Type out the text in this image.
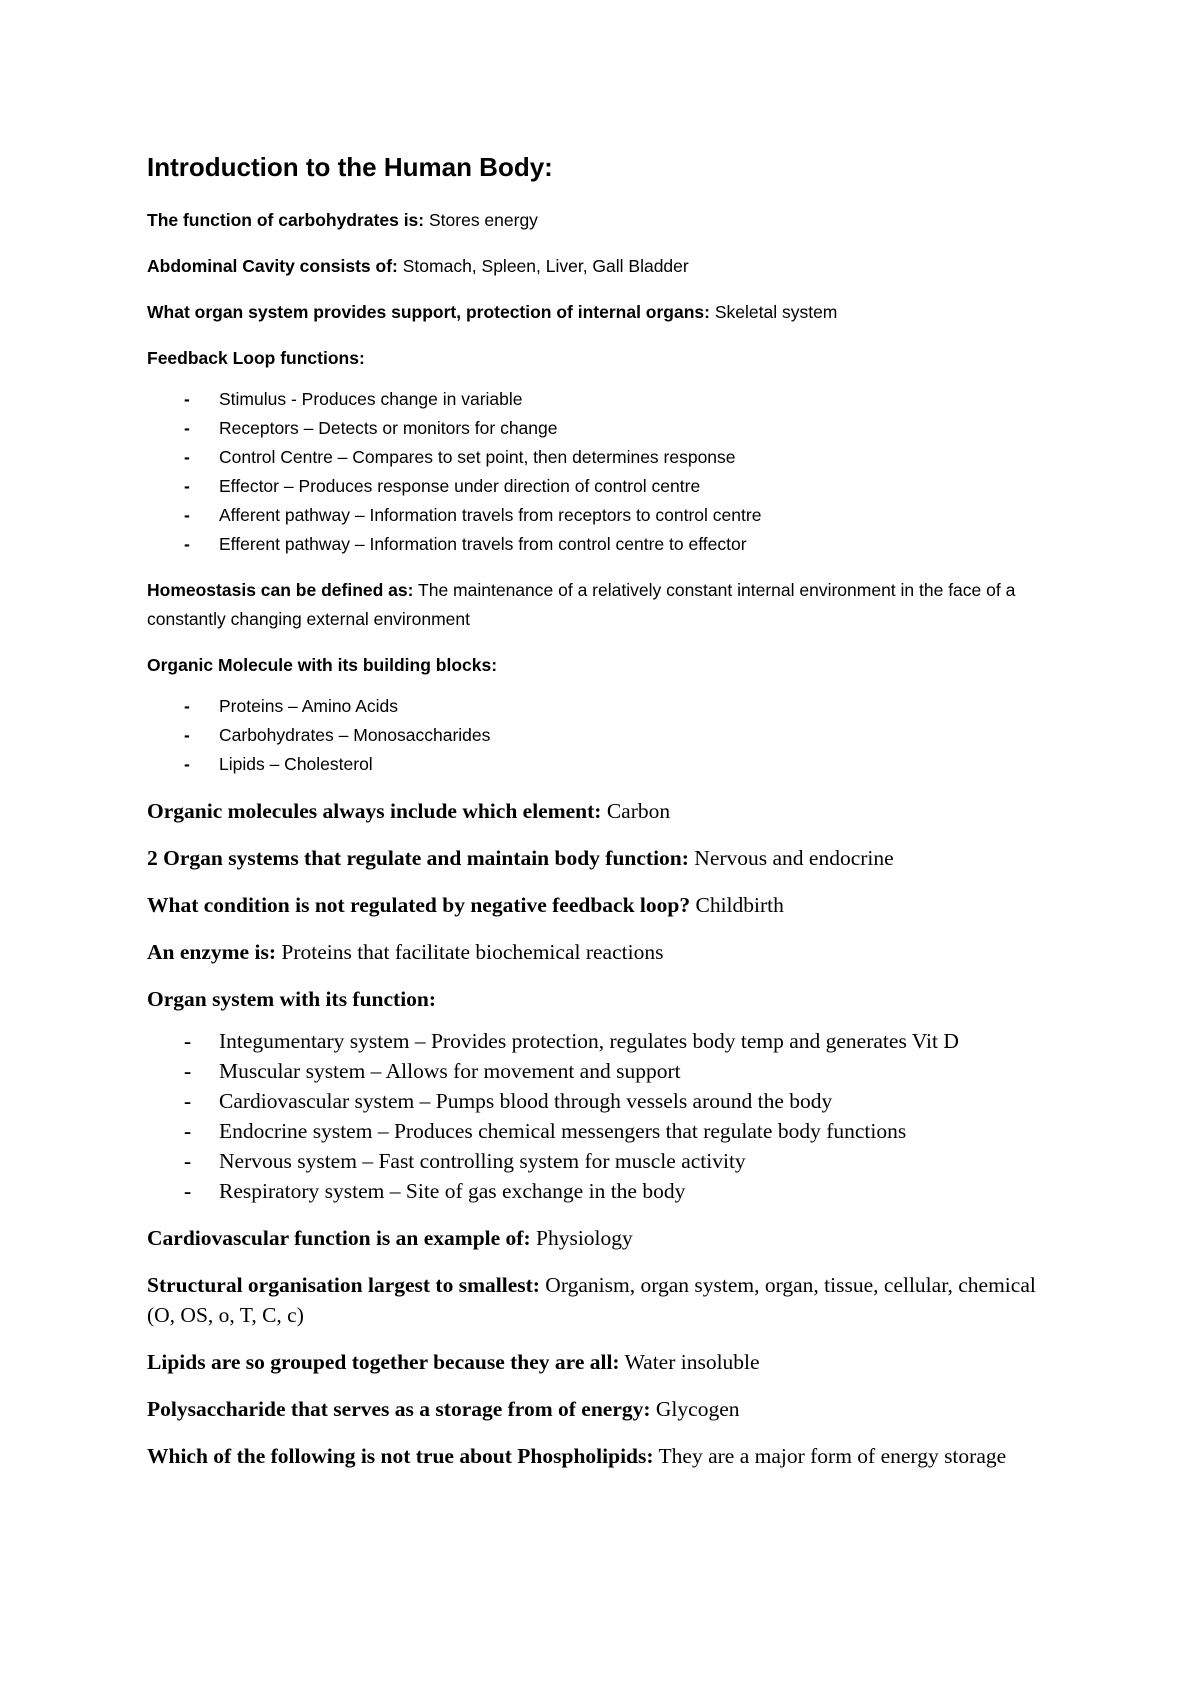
Introduction to the Human Body:

The function of carbohydrates is: Stores energy

Abdominal Cavity consists of: Stomach, Spleen, Liver, Gall Bladder

What organ system provides support, protection of internal organs: Skeletal system

Feedback Loop functions:

- Stimulus - Produces change in variable
- Receptors – Detects or monitors for change
- Control Centre – Compares to set point, then determines response
- Effector – Produces response under direction of control centre
- Afferent pathway – Information travels from receptors to control centre
- Efferent pathway – Information travels from control centre to effector

Homeostasis can be defined as: The maintenance of a relatively constant internal environment in the face of a constantly changing external environment

Organic Molecule with its building blocks:

- Proteins – Amino Acids
- Carbohydrates – Monosaccharides
- Lipids – Cholesterol

Organic molecules always include which element: Carbon

2 Organ systems that regulate and maintain body function: Nervous and endocrine

What condition is not regulated by negative feedback loop? Childbirth

An enzyme is: Proteins that facilitate biochemical reactions

Organ system with its function:

- Integumentary system – Provides protection, regulates body temp and generates Vit D
- Muscular system – Allows for movement and support
- Cardiovascular system – Pumps blood through vessels around the body
- Endocrine system – Produces chemical messengers that regulate body functions
- Nervous system – Fast controlling system for muscle activity
- Respiratory system – Site of gas exchange in the body

Cardiovascular function is an example of: Physiology

Structural organisation largest to smallest: Organism, organ system, organ, tissue, cellular, chemical (O, OS, o, T, C, c)

Lipids are so grouped together because they are all: Water insoluble

Polysaccharide that serves as a storage from of energy: Glycogen

Which of the following is not true about Phospholipids: They are a major form of energy storage
